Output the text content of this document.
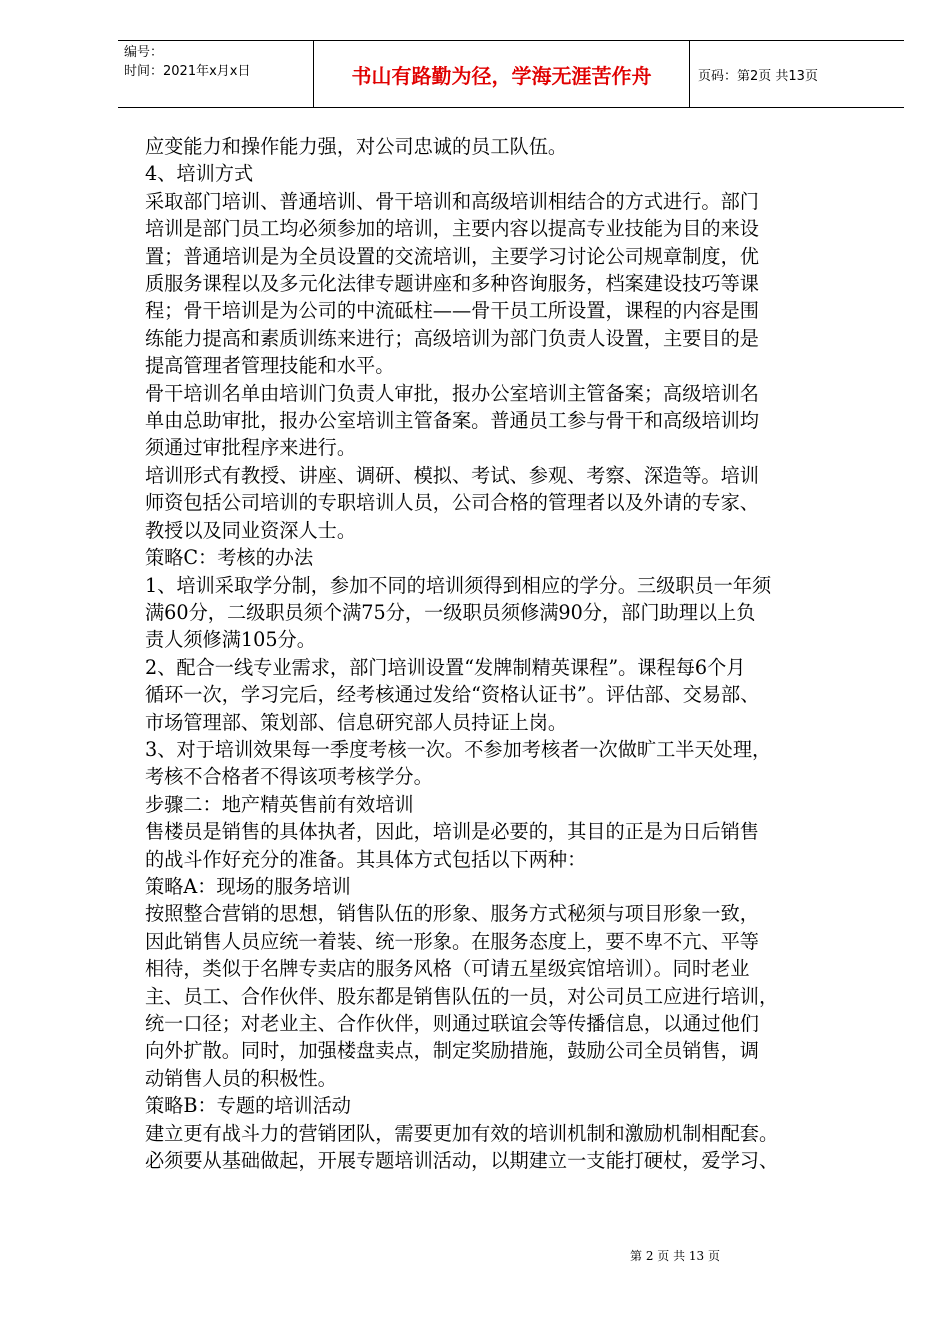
编号：
时间：2021年x月x日	书山有路勤为径，学海无涯苦作舟	页码：第2页 共13页

应变能力和操作能力强，对公司忠诚的员工队伍。

4、培训方式

采取部门培训、普通培训、骨干培训和高级培训相结合的方式进行。部门

培训是部门员工均必须参加的培训，主要内容以提高专业技能为目的来设

置；普通培训是为全员设置的交流培训，主要学习讨论公司规章制度，优

质服务课程以及多元化法律专题讲座和多种咨询服务，档案建设技巧等课

程；骨干培训是为公司的中流砥柱——骨干员工所设置，课程的内容是围

练能力提高和素质训练来进行；高级培训为部门负责人设置，主要目的是

提高管理者管理技能和水平。

骨干培训名单由培训门负责人审批，报办公室培训主管备案；高级培训名

单由总助审批，报办公室培训主管备案。普通员工参与骨干和高级培训均

须通过审批程序来进行。

培训形式有教授、讲座、调研、模拟、考试、参观、考察、深造等。培训

师资包括公司培训的专职培训人员，公司合格的管理者以及外请的专家、

教授以及同业资深人士。

策略C：考核的办法

1、培训采取学分制，参加不同的培训须得到相应的学分。三级职员一年须

满60分，二级职员须个满75分，一级职员须修满90分，部门助理以上负

责人须修满105分。

2、配合一线专业需求，部门培训设置“发牌制精英课程”。课程每6个月

循环一次，学习完后，经考核通过发给“资格认证书”。评估部、交易部、

市场管理部、策划部、信息研究部人员持证上岗。

3、对于培训效果每一季度考核一次。不参加考核者一次做旷工半天处理，

考核不合格者不得该项考核学分。

步骤二：地产精英售前有效培训

售楼员是销售的具体执者，因此，培训是必要的，其目的正是为日后销售

的战斗作好充分的准备。其具体方式包括以下两种：

策略A：现场的服务培训

按照整合营销的思想，销售队伍的形象、服务方式秘须与项目形象一致，

因此销售人员应统一着装、统一形象。在服务态度上，要不卑不亢、平等

相待，类似于名牌专卖店的服务风格（可请五星级宾馆培训）。同时老业

主、员工、合作伙伴、股东都是销售队伍的一员，对公司员工应进行培训，

统一口径；对老业主、合作伙伴，则通过联谊会等传播信息，以通过他们

向外扩散。同时，加强楼盘卖点，制定奖励措施，鼓励公司全员销售，调

动销售人员的积极性。

策略B：专题的培训活动

建立更有战斗力的营销团队，需要更加有效的培训机制和激励机制相配套。

必须要从基础做起，开展专题培训活动，以期建立一支能打硬杖，爱学习、

第 2 页 共 13 页
